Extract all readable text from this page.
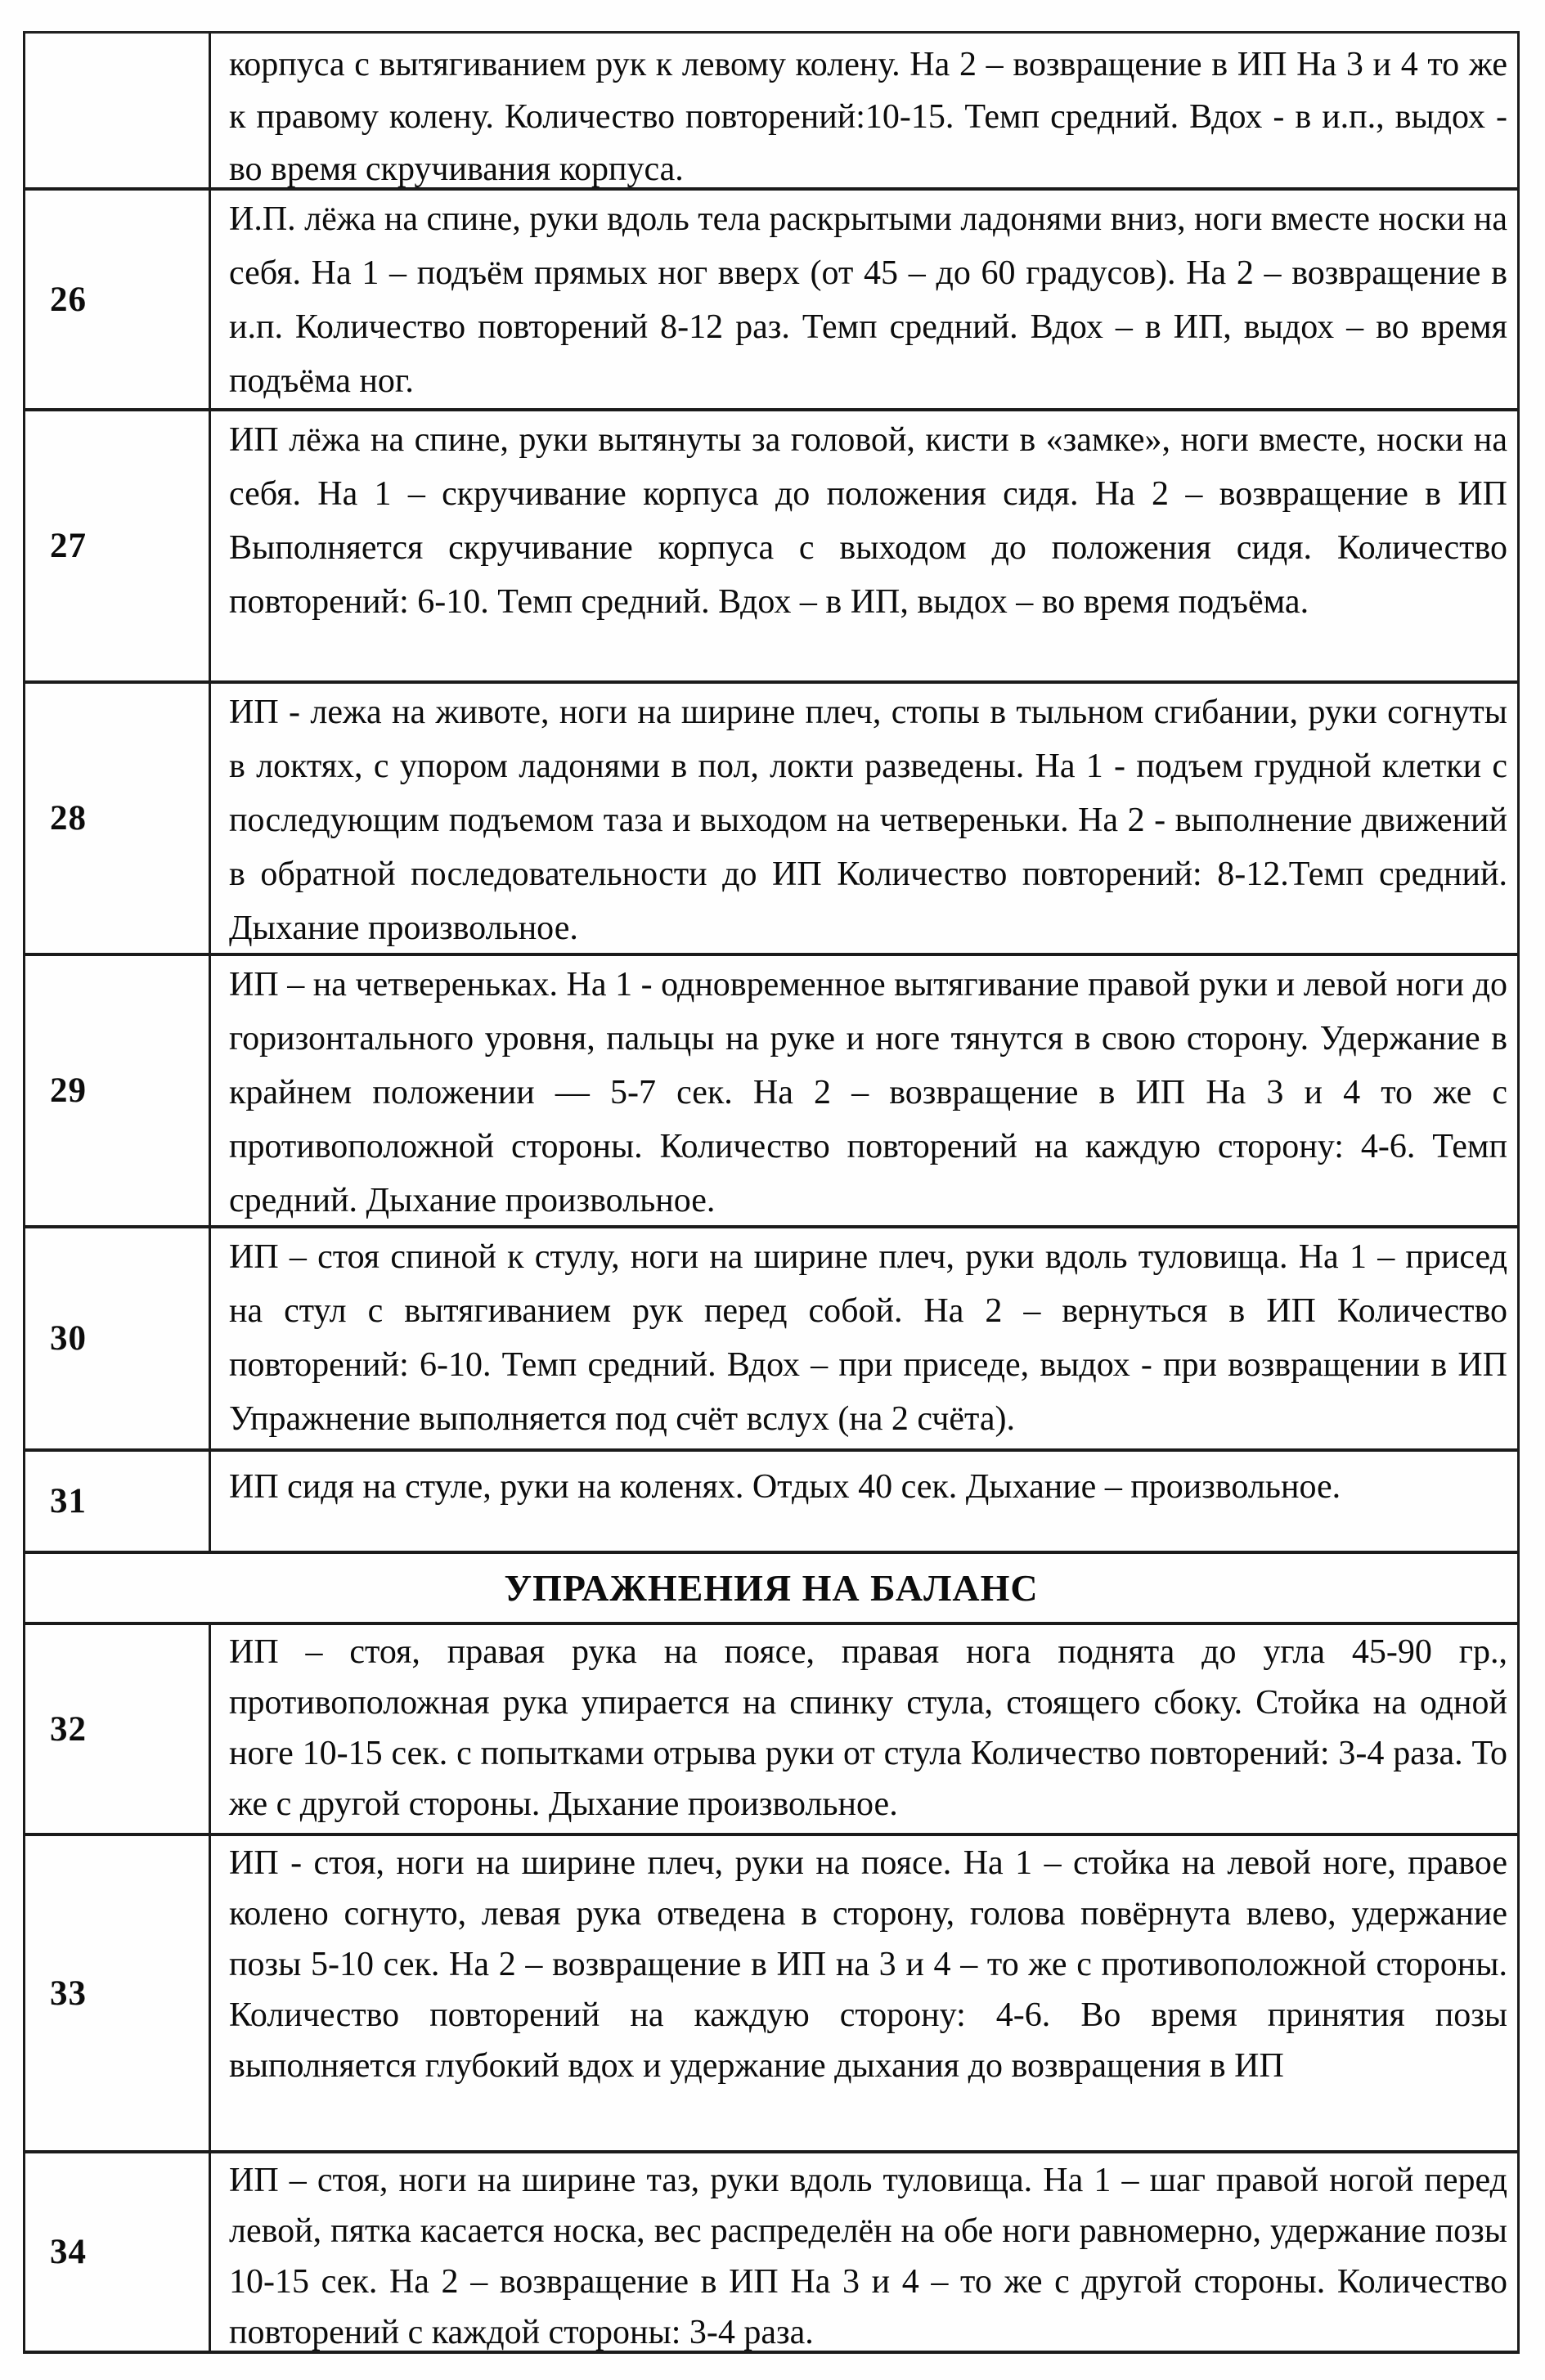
корпуса с вытягиванием рук к левому колену. На 2 – возвращение в ИП На 3 и 4 то же к правому колену. Количество повторений:10-15. Темп средний. Вдох - в и.п., выдох - во время скручивания корпуса.
26
И.П. лёжа на спине, руки вдоль тела раскрытыми ладонями вниз, ноги вместе носки на себя. На 1 – подъём прямых ног вверх (от 45 – до 60 градусов). На 2 – возвращение в и.п. Количество повторений 8-12 раз. Темп средний. Вдох – в ИП, выдох – во время подъёма ног.
27
ИП лёжа на спине, руки вытянуты за головой, кисти в «замке», ноги вместе, носки на себя. На 1 – скручивание корпуса до положения сидя. На 2 – возвращение в ИП Выполняется скручивание корпуса с выходом до положения сидя. Количество повторений: 6-10. Темп средний. Вдох – в ИП, выдох – во время подъёма.
28
ИП - лежа на животе, ноги на ширине плеч, стопы в тыльном сгибании, руки согнуты в локтях, с упором ладонями в пол, локти разведены. На 1 - подъем грудной клетки с последующим подъемом таза и выходом на четвереньки. На 2 - выполнение движений в обратной последовательности до ИП Количество повторений: 8-12.Темп средний. Дыхание произвольное.
29
ИП – на четвереньках. На 1 - одновременное вытягивание правой руки и левой ноги до горизонтального уровня, пальцы на руке и ноге тянутся в свою сторону. Удержание в крайнем положении — 5-7 сек. На 2 – возвращение в ИП На 3 и 4 то же с противоположной стороны. Количество повторений на каждую сторону: 4-6. Темп средний. Дыхание произвольное.
30
ИП – стоя спиной к стулу, ноги на ширине плеч, руки вдоль туловища. На 1 – присед на стул с вытягиванием рук перед собой. На 2 – вернуться в ИП Количество повторений: 6-10. Темп средний. Вдох – при приседе, выдох - при возвращении в ИП Упражнение выполняется под счёт вслух (на 2 счёта).
31	ИП сидя на стуле, руки на коленях. Отдых 40 сек. Дыхание – произвольное.
УПРАЖНЕНИЯ НА БАЛАНС
32
ИП – стоя, правая рука на поясе, правая нога поднята до угла 45-90 гр., противоположная рука упирается на спинку стула, стоящего сбоку. Стойка на одной ноге 10-15 сек. с попытками отрыва руки от стула Количество повторений: 3-4 раза. То же с другой стороны. Дыхание произвольное.
33
ИП - стоя, ноги на ширине плеч, руки на поясе. На 1 – стойка на левой ноге, правое колено согнуто, левая рука отведена в сторону, голова повёрнута влево, удержание позы 5-10 сек. На 2 – возвращение в ИП на 3 и 4 – то же с противоположной стороны. Количество повторений на каждую сторону: 4-6. Во время принятия позы выполняется глубокий вдох и удержание дыхания до возвращения в ИП
34
ИП – стоя, ноги на ширине таз, руки вдоль туловища. На 1 – шаг правой ногой перед левой, пятка касается носка, вес распределён на обе ноги равномерно, удержание позы 10-15 сек. На 2 – возвращение в ИП На 3 и 4 – то же с другой стороны. Количество повторений с каждой стороны: 3-4 раза.
